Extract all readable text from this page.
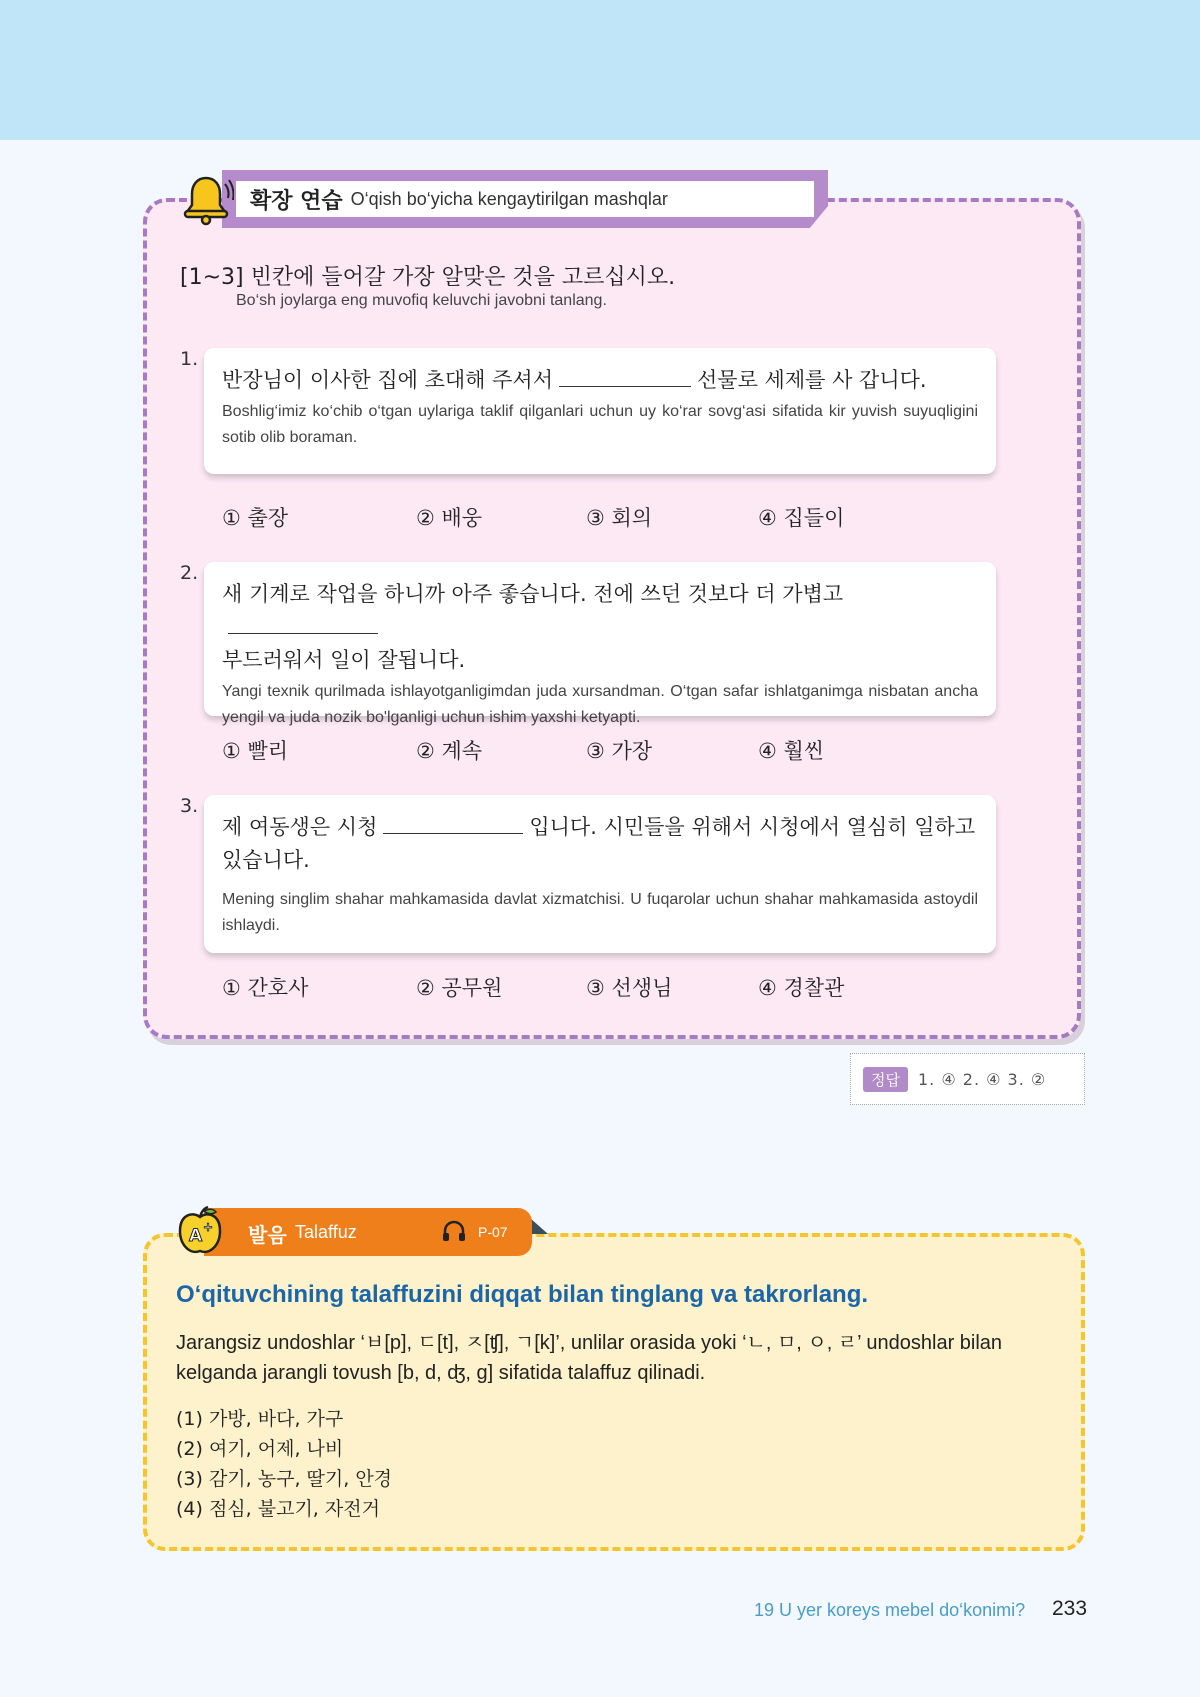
확장 연습 O‘qish bo‘yicha kengaytirilgan mashqlar
[1~3] 빈칸에 들어갈 가장 알맞은 것을 고르십시오.
Bo‘sh joylarga eng muvofiq keluvchi javobni tanlang.
1.
반장님이 이사한 집에 초대해 주셔서	선물로 세제를 사 갑니다.
Boshlig‘imiz ko‘chib o‘tgan uylariga taklif qilganlari uchun uy ko‘rar sovg‘asi sifatida kir yuvish suyuqligini sotib olib boraman.
① 출장	② 배웅	③ 회의	④ 집들이
2.
새 기계로 작업을 하니까 아주 좋습니다. 전에 쓰던 것보다 더 가볍고
부드러워서 일이 잘됩니다.
Yangi texnik qurilmada ishlayotganligimdan juda xursandman. O‘tgan safar ishlatganimga nisbatan ancha yengil va juda nozik bo'lganligi uchun ishim yaxshi ketyapti.
① 빨리	② 계속	③ 가장	④ 훨씬
3.
제 여동생은 시청	입니다. 시민들을 위해서 시청에서 열심히 일하고 있습니다.
Mening singlim shahar mahkamasida davlat xizmatchisi. U fuqarolar uchun shahar mahkamasida astoydil ishlaydi.
① 간호사	② 공무원	③ 선생님	④ 경찰관
정답	1. ④ 2. ④ 3. ②
A + 발음 Talaffuz	P-07
O‘qituvchining talaffuzini diqqat bilan tinglang va takrorlang.
Jarangsiz undoshlar ‘ㅂ[p], ㄷ[t], ㅈ[ʧ], ㄱ[k]’, unlilar orasida yoki ‘ㄴ, ㅁ, ㅇ, ㄹ’ undoshlar bilan kelganda jarangli tovush [b, d, ʤ, g] sifatida talaffuz qilinadi.
(1) 가방, 바다, 가구
(2) 여기, 어제, 나비
(3) 감기, 농구, 딸기, 안경
(4) 점심, 불고기, 자전거
19 U yer koreys mebel do‘konimi? 233
